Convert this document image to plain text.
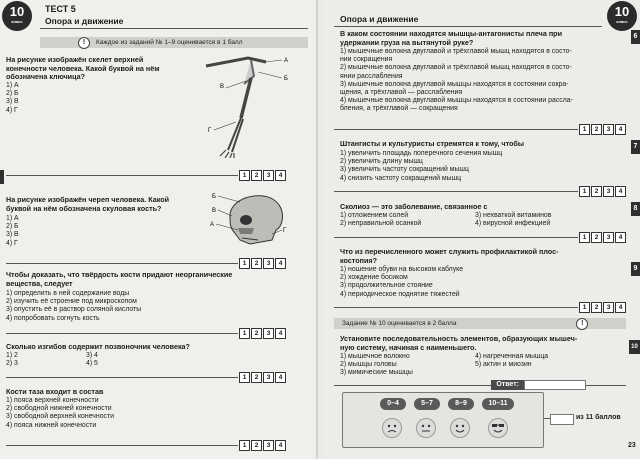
10
класс
ТЕСТ 5
Опора и движение
! Каждое из заданий № 1–9 оценивается в 1 балл
На рисунке изображён скелет верхней
конечности человека. Какой буквой на нём
обозначена ключица?
1) А
2) Б
3) В
4) Г
А
Б
В
Г
1	2	3	4
На рисунке изображён череп человека. Какой
буквой на нём обозначена скуловая кость?
1) А
2) Б
3) В
4) Г
Б
В
А
Г
1	2	3	4
Чтобы доказать, что твёрдость кости придают неорганические
вещества, следует
1) определить в ней содержание воды
2) изучить её строение под микроскопом
3) опустить её в раствор соляной кислоты
4) попробовать согнуть кость
1	2	3	4
Сколько изгибов содержит позвоночник человека?
1) 2	3) 4
2) 3	4) 5
1	2	3	4
Кости таза входит в состав
1) пояса верхней конечности
2) свободной нижней конечности
3) свободной верхней конечности
4) пояса нижней конечности
1	2	3	4
10
класс
Опора и движение
6
7
8
9
10
В каком состоянии находятся мышцы-антагонисты плеча при
удержании груза на вытянутой руке?
1) мышечные волокна двуглавой и трёхглавой мышц находятся в состо-
нии сокращения
2) мышечные волокна двуглавой и трёхглавой мышц находятся в состо-
янии расслабления
3) мышечные волокна двуглавой мышцы находятся в состоянии сокра-
щения, а трёхглавой — расслабления
4) мышечные волокна двуглавой мышцы находятся в состоянии рассла-
бления, а трёхглавой — сокращения
1	2	3	4
Штангисты и культуристы стремятся к тому, чтобы
1) увеличить площадь поперечного сечения мышц
2) увеличить длину мышц
3) увеличить частоту сокращений мышц
4) снизить частоту сокращений мышц
1	2	3	4
Сколиоз — это заболевание, связанное с
1) отложением солей	3) нехваткой витаминов
2) неправильной осанкой	4) вирусной инфекцией
1	2	3	4
Что из перечисленного может служить профилактикой плос-
костопия?
1) ношение обуви на высоком каблуке
2) хождение босиком
3) продолжительное стояние
4) периодическое поднятие тяжестей
1	2	3	4
Задание № 10 оценивается в 2 балла	!
Установите последовательность элементов, образующих мышеч-
ную систему, начиная с наименьшего.
1) мышечное волокно	4) нагреченная мышца
2) мышцы головы	5) актин и миозин
3) мимические мышцы
Ответ:
0–4	5–7	8–9	10–11
из 11 баллов
23
